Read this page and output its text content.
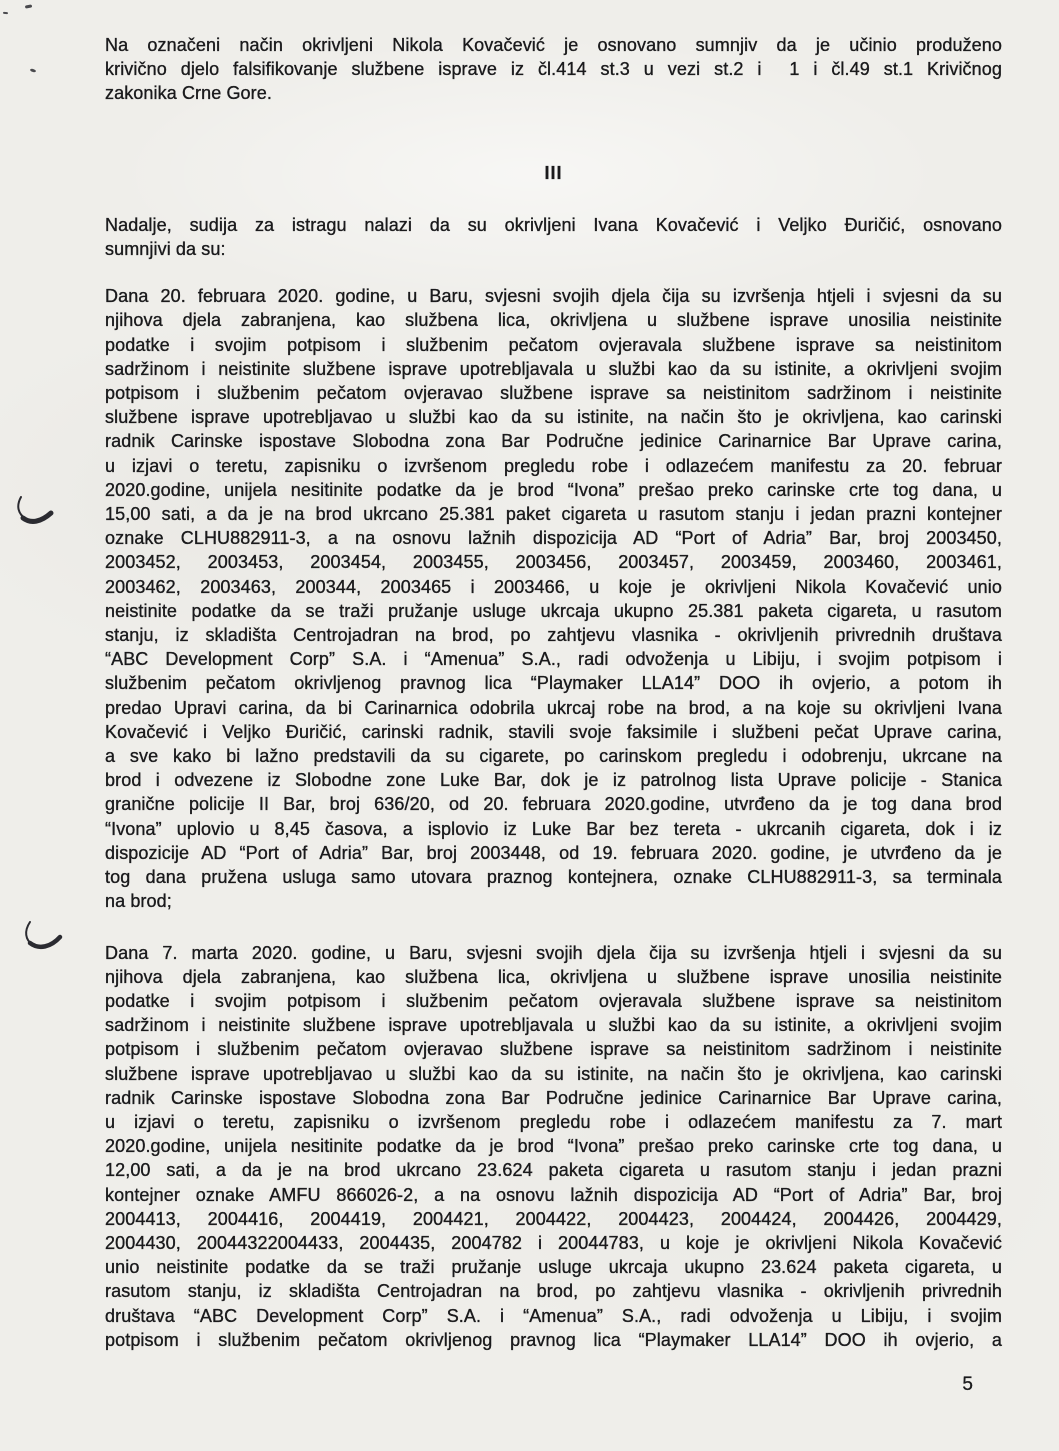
Na označeni način okrivljeni Nikola Kovačević je osnovano sumnjiv da je učinio produženo
krivično djelo falsifikovanje službene isprave iz čl.414 st.3 u vezi st.2 i  1 i čl.49 st.1 Krivičnog
zakonika Crne Gore.
III
Nadalje, sudija za istragu nalazi da su okrivljeni Ivana Kovačević i Veljko Đuričić, osnovano
sumnjivi da su:
Dana 20. februara 2020. godine, u Baru, svjesni svojih djela čija su izvršenja htjeli i svjesni da su
njihova djela zabranjena, kao službena lica, okrivljena u službene isprave unosilia neistinite
podatke i svojim potpisom i službenim pečatom ovjeravala službene isprave sa neistinitom
sadržinom i neistinite službene isprave upotrebljavala u službi kao da su istinite, a okrivljeni svojim
potpisom i službenim pečatom ovjeravao službene isprave sa neistinitom sadržinom i neistinite
službene isprave upotrebljavao u službi kao da su istinite, na način što je okrivljena, kao carinski
radnik Carinske ispostave Slobodna zona Bar Područne jedinice Carinarnice Bar Uprave carina,
u izjavi o teretu, zapisniku o izvršenom pregledu robe i odlazećem manifestu za 20. februar
2020.godine, unijela nesitinite podatke da je brod “Ivona” prešao preko carinske crte tog dana, u
15,00 sati, a da je na brod ukrcano 25.381 paket cigareta u rasutom stanju i jedan prazni kontejner
oznake CLHU882911-3, a na osnovu lažnih dispozicija AD “Port of Adria” Bar, broj 2003450,
2003452, 2003453, 2003454, 2003455, 2003456, 2003457, 2003459, 2003460, 2003461,
2003462, 2003463, 200344, 2003465 i 2003466, u koje je okrivljeni Nikola Kovačević unio
neistinite podatke da se traži pružanje usluge ukrcaja ukupno 25.381 paketa cigareta, u rasutom
stanju, iz skladišta Centrojadran na brod, po zahtjevu vlasnika - okrivljenih privrednih društava
“ABC Development Corp” S.A. i “Amenua” S.A., radi odvoženja u Libiju, i svojim potpisom i
službenim pečatom okrivljenog pravnog lica “Playmaker LLA14” DOO ih ovjerio, a potom ih
predao Upravi carina, da bi Carinarnica odobrila ukrcaj robe na brod, a na koje su okrivljeni Ivana
Kovačević i Veljko Đuričić, carinski radnik, stavili svoje faksimile i službeni pečat Uprave carina,
a sve kako bi lažno predstavili da su cigarete, po carinskom pregledu i odobrenju, ukrcane na
brod i odvezene iz Slobodne zone Luke Bar, dok je iz patrolnog lista Uprave policije - Stanica
granične policije II Bar, broj 636/20, od 20. februara 2020.godine, utvrđeno da je tog dana brod
“Ivona” uplovio u 8,45 časova, a isplovio iz Luke Bar bez tereta - ukrcanih cigareta, dok i iz
dispozicije AD “Port of Adria” Bar, broj 2003448, od 19. februara 2020. godine, je utvrđeno da je
tog dana pružena usluga samo utovara praznog kontejnera, oznake CLHU882911-3, sa terminala
na brod;
Dana 7. marta 2020. godine, u Baru, svjesni svojih djela čija su izvršenja htjeli i svjesni da su
njihova djela zabranjena, kao službena lica, okrivljena u službene isprave unosilia neistinite
podatke i svojim potpisom i službenim pečatom ovjeravala službene isprave sa neistinitom
sadržinom i neistinite službene isprave upotrebljavala u službi kao da su istinite, a okrivljeni svojim
potpisom i službenim pečatom ovjeravao službene isprave sa neistinitom sadržinom i neistinite
službene isprave upotrebljavao u službi kao da su istinite, na način što je okrivljena, kao carinski
radnik Carinske ispostave Slobodna zona Bar Područne jedinice Carinarnice Bar Uprave carina,
u izjavi o teretu, zapisniku o izvršenom pregledu robe i odlazećem manifestu za 7. mart
2020.godine, unijela nesitinite podatke da je brod “Ivona” prešao preko carinske crte tog dana, u
12,00 sati, a da je na brod ukrcano 23.624 paketa cigareta u rasutom stanju i jedan prazni
kontejner oznake AMFU 866026-2, a na osnovu lažnih dispozicija AD “Port of Adria” Bar, broj
2004413, 2004416, 2004419, 2004421, 2004422, 2004423, 2004424, 2004426, 2004429,
2004430, 20044322004433, 2004435, 2004782 i 20044783, u koje je okrivljeni Nikola Kovačević
unio neistinite podatke da se traži pružanje usluge ukrcaja ukupno 23.624 paketa cigareta, u
rasutom stanju, iz skladišta Centrojadran na brod, po zahtjevu vlasnika - okrivljenih privrednih
društava “ABC Development Corp” S.A. i “Amenua” S.A., radi odvoženja u Libiju, i svojim
potpisom i službenim pečatom okrivljenog pravnog lica “Playmaker LLA14” DOO ih ovjerio, a
5
